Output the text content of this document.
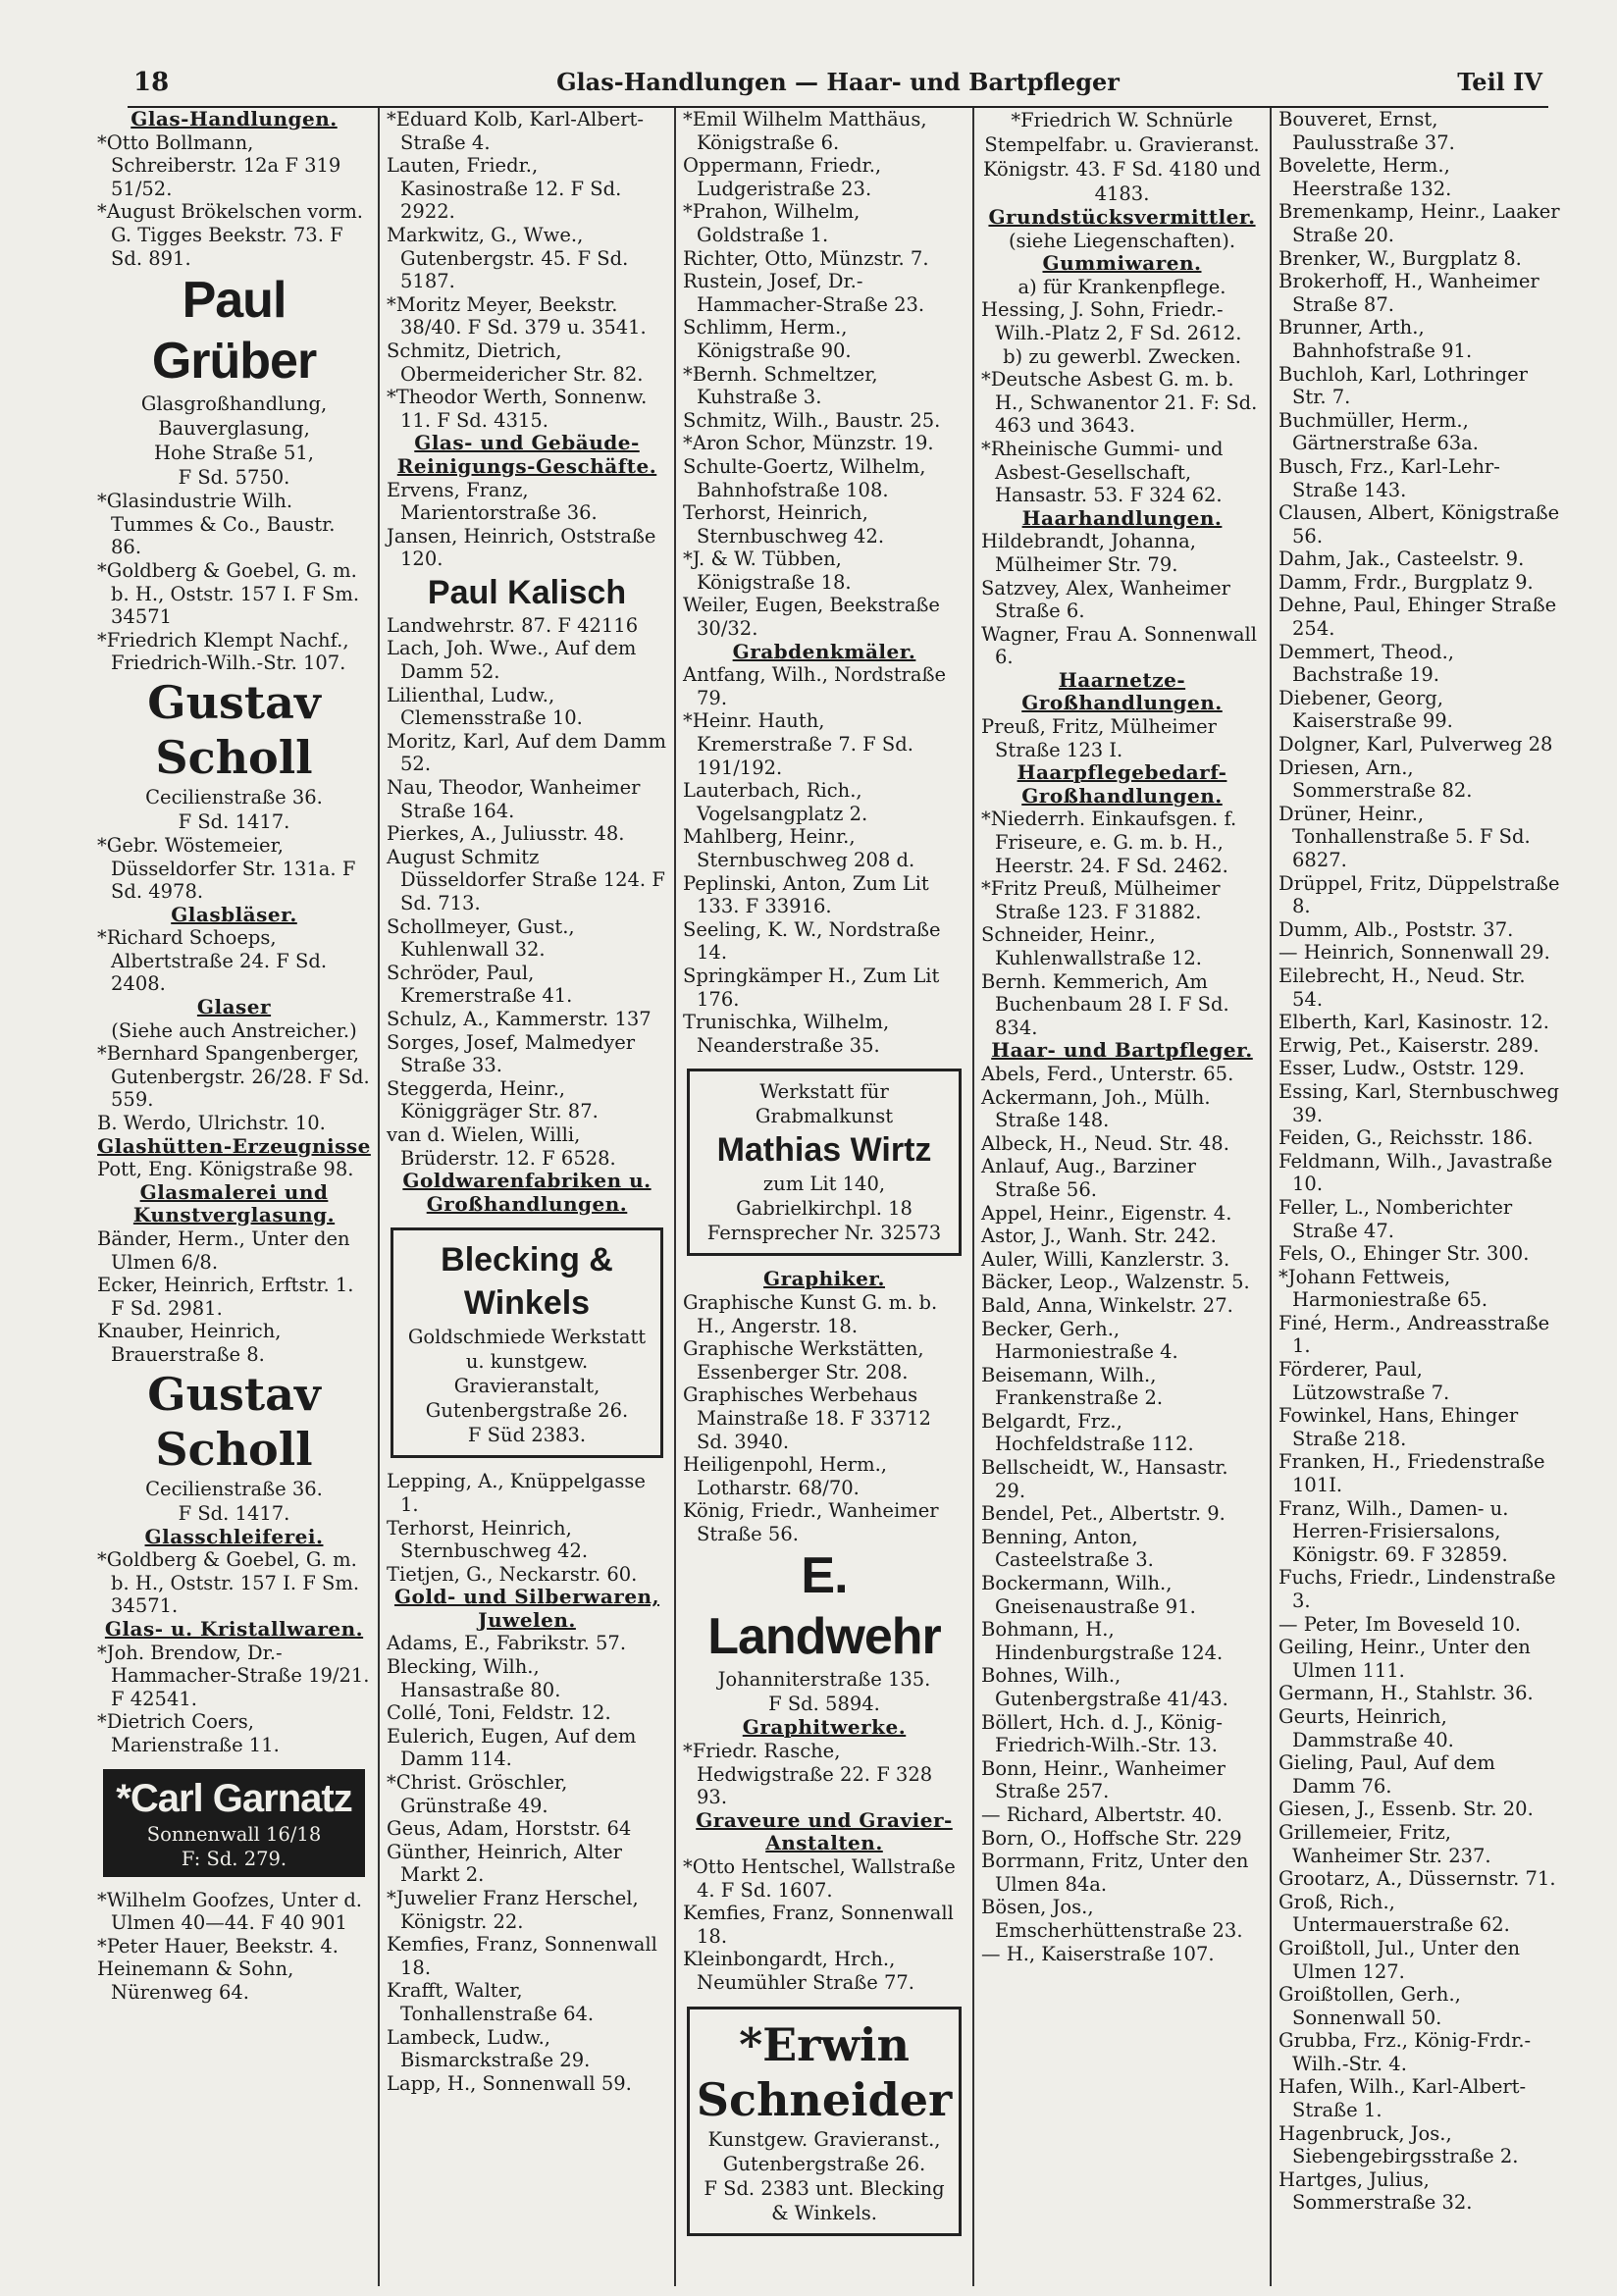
18	Glas-Handlungen — Haar- und Bartpfleger	Teil IV
Glas-Handlungen.
*Otto Bollmann, Schreiberstr. 12a F 319 51/52.
*August Brökelschen vorm. G. Tigges Beekstr. 73. F Sd. 891.
Paul Grüber
Glasgroßhandlung,
Bauverglasung,
Hohe Straße 51,
F Sd. 5750.
*Glasindustrie Wilh. Tummes & Co., Baustr. 86.
*Goldberg & Goebel, G. m. b. H., Oststr. 157 I. F Sm. 34571
*Friedrich Klempt Nachf., Friedrich-Wilh.-Str. 107.
Gustav Scholl
Cecilienstraße 36.
F Sd. 1417.
*Gebr. Wöstemeier, Düsseldorfer Str. 131a. F Sd. 4978.
Glasbläser.
*Richard Schoeps, Albertstraße 24. F Sd. 2408.
Glaser
(Siehe auch Anstreicher.)
*Bernhard Spangenberger, Gutenbergstr. 26/28. F Sd. 559.
B. Werdo, Ulrichstr. 10.
Glashütten-Erzeugnisse
Pott, Eng. Königstraße 98.
Glasmalerei und Kunstverglasung.
Bänder, Herm., Unter den Ulmen 6/8.
Ecker, Heinrich, Erftstr. 1. F Sd. 2981.
Knauber, Heinrich, Brauerstraße 8.
Gustav Scholl
Cecilienstraße 36.
F Sd. 1417.
Glasschleiferei.
*Goldberg & Goebel, G. m. b. H., Oststr. 157 I. F Sm. 34571.
Glas- u. Kristallwaren.
*Joh. Brendow, Dr.-Hammacher-Straße 19/21. F 42541.
*Dietrich Coers, Marienstraße 11.
*Carl Garnatz
Sonnenwall 16/18
F: Sd. 279.
*Wilhelm Goofzes, Unter d. Ulmen 40—44. F 40 901
*Peter Hauer, Beekstr. 4.
Heinemann & Sohn, Nürenweg 64.
*Eduard Kolb, Karl-Albert-Straße 4.
Lauten, Friedr., Kasinostraße 12. F Sd. 2922.
Markwitz, G., Wwe., Gutenbergstr. 45. F Sd. 5187.
*Moritz Meyer, Beekstr. 38/40. F Sd. 379 u. 3541.
Schmitz, Dietrich, Obermeidericher Str. 82.
*Theodor Werth, Sonnenw. 11. F Sd. 4315.
Glas- und Gebäude-Reinigungs-Geschäfte.
Ervens, Franz, Marientorstraße 36.
Jansen, Heinrich, Oststraße 120.
Paul Kalisch
Landwehrstr. 87. F 42116
Lach, Joh. Wwe., Auf dem Damm 52.
Lilienthal, Ludw., Clemensstraße 10.
Moritz, Karl, Auf dem Damm 52.
Nau, Theodor, Wanheimer Straße 164.
Pierkes, A., Juliusstr. 48.
August Schmitz Düsseldorfer Straße 124. F Sd. 713.
Schollmeyer, Gust., Kuhlenwall 32.
Schröder, Paul, Kremerstraße 41.
Schulz, A., Kammerstr. 137
Sorges, Josef, Malmedyer Straße 33.
Steggerda, Heinr., Königgräger Str. 87.
van d. Wielen, Willi, Brüderstr. 12. F 6528.
Goldwarenfabriken u. Großhandlungen.
Blecking & Winkels
Goldschmiede Werkstatt
u. kunstgew. Gravieranstalt,
Gutenbergstraße 26.
F Süd 2383.
Lepping, A., Knüppelgasse 1.
Terhorst, Heinrich, Sternbuschweg 42.
Tietjen, G., Neckarstr. 60.
Gold- und Silberwaren, Juwelen.
Adams, E., Fabrikstr. 57.
Blecking, Wilh., Hansastraße 80.
Collé, Toni, Feldstr. 12.
Eulerich, Eugen, Auf dem Damm 114.
*Christ. Gröschler, Grünstraße 49.
Geus, Adam, Horststr. 64
Günther, Heinrich, Alter Markt 2.
*Juwelier Franz Herschel, Königstr. 22.
Kemfies, Franz, Sonnenwall 18.
Krafft, Walter, Tonhallenstraße 64.
Lambeck, Ludw., Bismarckstraße 29.
Lapp, H., Sonnenwall 59.
*Emil Wilhelm Matthäus, Königstraße 6.
Oppermann, Friedr., Ludgeristraße 23.
*Prahon, Wilhelm, Goldstraße 1.
Richter, Otto, Münzstr. 7.
Rustein, Josef, Dr.-Hammacher-Straße 23.
Schlimm, Herm., Königstraße 90.
*Bernh. Schmeltzer, Kuhstraße 3.
Schmitz, Wilh., Baustr. 25.
*Aron Schor, Münzstr. 19.
Schulte-Goertz, Wilhelm, Bahnhofstraße 108.
Terhorst, Heinrich, Sternbuschweg 42.
*J. & W. Tübben, Königstraße 18.
Weiler, Eugen, Beekstraße 30/32.
Grabdenkmäler.
Antfang, Wilh., Nordstraße 79.
*Heinr. Hauth, Kremerstraße 7. F Sd. 191/192.
Lauterbach, Rich., Vogelsangplatz 2.
Mahlberg, Heinr., Sternbuschweg 208 d.
Peplinski, Anton, Zum Lit 133. F 33916.
Seeling, K. W., Nordstraße 14.
Springkämper H., Zum Lit 176.
Trunischka, Wilhelm, Neanderstraße 35.
Werkstatt für
Grabmalkunst
Mathias Wirtz
zum Lit 140, Gabrielkirchpl. 18
Fernsprecher Nr. 32573
Graphiker.
Graphische Kunst G. m. b. H., Angerstr. 18.
Graphische Werkstätten, Essenberger Str. 208.
Graphisches Werbehaus Mainstraße 18. F 33712 Sd. 3940.
Heiligenpohl, Herm., Lotharstr. 68/70.
König, Friedr., Wanheimer Straße 56.
E. Landwehr
Johanniterstraße 135.
F Sd. 5894.
Graphitwerke.
*Friedr. Rasche, Hedwigstraße 22. F 328 93.
Graveure und Gravier-Anstalten.
*Otto Hentschel, Wallstraße 4. F Sd. 1607.
Kemfies, Franz, Sonnenwall 18.
Kleinbongardt, Hrch., Neumühler Straße 77.
*Erwin Schneider
Kunstgew. Gravieranst.,
Gutenbergstraße 26.
F Sd. 2383 unt. Blecking & Winkels.
*Friedrich W. Schnürle
Stempelfabr. u. Gravieranst.
Königstr. 43. F Sd. 4180 und 4183.
Grundstücksvermittler.
(siehe Liegenschaften).
Gummiwaren.
a) für Krankenpflege.
Hessing, J. Sohn, Friedr.-Wilh.-Platz 2, F Sd. 2612.
b) zu gewerbl. Zwecken.
*Deutsche Asbest G. m. b. H., Schwanentor 21. F: Sd. 463 und 3643.
*Rheinische Gummi- und Asbest-Gesellschaft, Hansastr. 53. F 324 62.
Haarhandlungen.
Hildebrandt, Johanna, Mülheimer Str. 79.
Satzvey, Alex, Wanheimer Straße 6.
Wagner, Frau A. Sonnenwall 6.
Haarnetze-Großhandlungen.
Preuß, Fritz, Mülheimer Straße 123 I.
Haarpflegebedarf-Großhandlungen.
*Niederrh. Einkaufsgen. f. Friseure, e. G. m. b. H., Heerstr. 24. F Sd. 2462.
*Fritz Preuß, Mülheimer Straße 123. F 31882.
Schneider, Heinr., Kuhlenwallstraße 12.
Bernh. Kemmerich, Am Buchenbaum 28 I. F Sd. 834.
Haar- und Bartpfleger.
Abels, Ferd., Unterstr. 65.
Ackermann, Joh., Mülh. Straße 148.
Albeck, H., Neud. Str. 48.
Anlauf, Aug., Barziner Straße 56.
Appel, Heinr., Eigenstr. 4.
Astor, J., Wanh. Str. 242.
Auler, Willi, Kanzlerstr. 3.
Bäcker, Leop., Walzenstr. 5.
Bald, Anna, Winkelstr. 27.
Becker, Gerh., Harmoniestraße 4.
Beisemann, Wilh., Frankenstraße 2.
Belgardt, Frz., Hochfeldstraße 112.
Bellscheidt, W., Hansastr. 29.
Bendel, Pet., Albertstr. 9.
Benning, Anton, Casteelstraße 3.
Bockermann, Wilh., Gneisenaustraße 91.
Bohmann, H., Hindenburgstraße 124.
Bohnes, Wilh., Gutenbergstraße 41/43.
Böllert, Hch. d. J., König-Friedrich-Wilh.-Str. 13.
Bonn, Heinr., Wanheimer Straße 257.
— Richard, Albertstr. 40.
Born, O., Hoffsche Str. 229
Borrmann, Fritz, Unter den Ulmen 84a.
Bösen, Jos., Emscherhüttenstraße 23.
— H., Kaiserstraße 107.
Bouveret, Ernst, Paulusstraße 37.
Bovelette, Herm., Heerstraße 132.
Bremenkamp, Heinr., Laaker Straße 20.
Brenker, W., Burgplatz 8.
Brokerhoff, H., Wanheimer Straße 87.
Brunner, Arth., Bahnhofstraße 91.
Buchloh, Karl, Lothringer Str. 7.
Buchmüller, Herm., Gärtnerstraße 63a.
Busch, Frz., Karl-Lehr-Straße 143.
Clausen, Albert, Königstraße 56.
Dahm, Jak., Casteelstr. 9.
Damm, Frdr., Burgplatz 9.
Dehne, Paul, Ehinger Straße 254.
Demmert, Theod., Bachstraße 19.
Diebener, Georg, Kaiserstraße 99.
Dolgner, Karl, Pulverweg 28
Driesen, Arn., Sommerstraße 82.
Drüner, Heinr., Tonhallenstraße 5. F Sd. 6827.
Drüppel, Fritz, Düppelstraße 8.
Dumm, Alb., Poststr. 37.
— Heinrich, Sonnenwall 29.
Eilebrecht, H., Neud. Str. 54.
Elberth, Karl, Kasinostr. 12.
Erwig, Pet., Kaiserstr. 289.
Esser, Ludw., Oststr. 129.
Essing, Karl, Sternbuschweg 39.
Feiden, G., Reichsstr. 186.
Feldmann, Wilh., Javastraße 10.
Feller, L., Nomberichter Straße 47.
Fels, O., Ehinger Str. 300.
*Johann Fettweis, Harmoniestraße 65.
Finé, Herm., Andreasstraße 1.
Förderer, Paul, Lützowstraße 7.
Fowinkel, Hans, Ehinger Straße 218.
Franken, H., Friedenstraße 101I.
Franz, Wilh., Damen- u. Herren-Frisiersalons, Königstr. 69. F 32859.
Fuchs, Friedr., Lindenstraße 3.
— Peter, Im Boveseld 10.
Geiling, Heinr., Unter den Ulmen 111.
Germann, H., Stahlstr. 36.
Geurts, Heinrich, Dammstraße 40.
Gieling, Paul, Auf dem Damm 76.
Giesen, J., Essenb. Str. 20.
Grillemeier, Fritz, Wanheimer Str. 237.
Grootarz, A., Düssernstr. 71.
Groß, Rich., Untermauerstraße 62.
Groißtoll, Jul., Unter den Ulmen 127.
Groißtollen, Gerh., Sonnenwall 50.
Grubba, Frz., König-Frdr.-Wilh.-Str. 4.
Hafen, Wilh., Karl-Albert-Straße 1.
Hagenbruck, Jos., Siebengebirgsstraße 2.
Hartges, Julius, Sommerstraße 32.
